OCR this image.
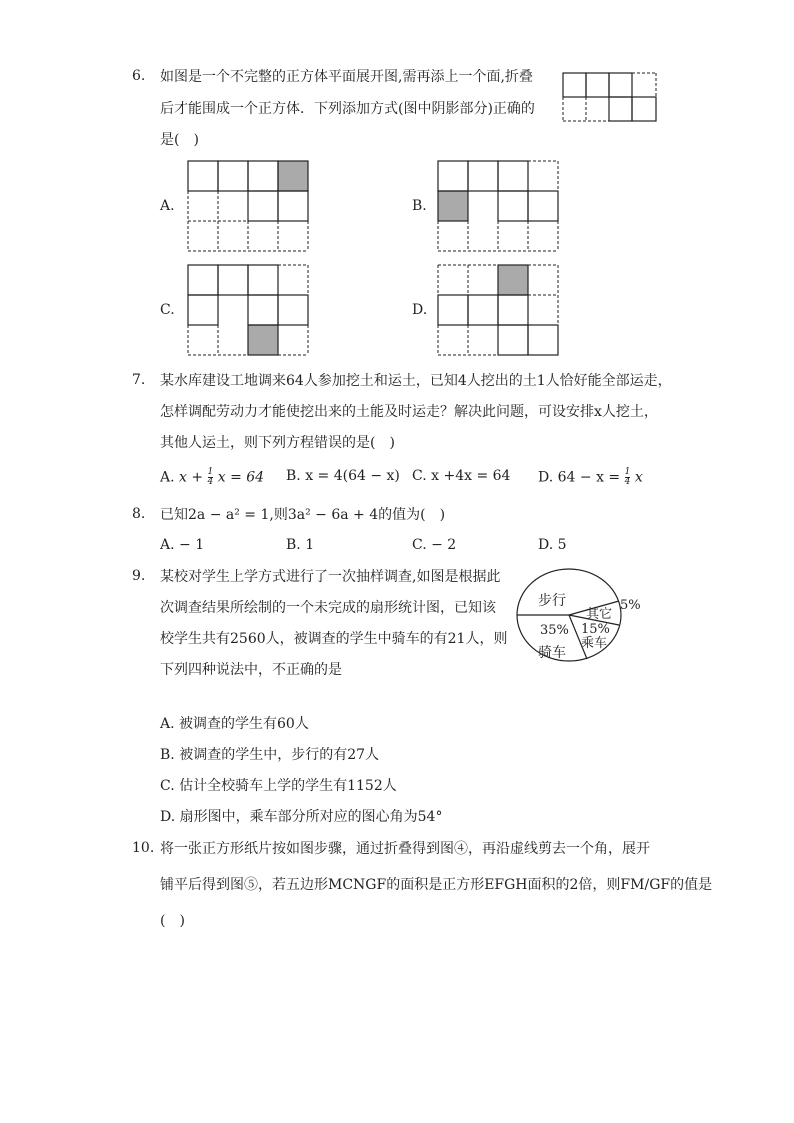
6. 如图是一个不完整的正方体平面展开图,需再添上一个面,折叠
后才能围成一个正方体．下列添加方式(图中阴影部分)正确的
是(　)
A.	B.
C.	D.
7. 某水库建设工地调来64人参加挖土和运土，已知4人挖出的土1人恰好能全部运走，
怎样调配劳动力才能使挖出来的土能及时运走？解决此问题，可设安排x人挖土，
其他人运土，则下列方程错误的是(　)
A. $x + \frac{1}{4}$ x = 64 B. x = 4(64 − x) C. x +4x = 64 D. $64 - x = \frac{1}{4}$ x
8. 已知2a − a² = 1,则3a² − 6a + 4的值为(　)
A. − 1	B. 1	C. − 2	D. 5
9. 某校对学生上学方式进行了一次抽样调查,如图是根据此
次调查结果所绘制的一个未完成的扇形统计图，已知该
校学生共有2560人，被调查的学生中骑车的有21人，则
下列四种说法中，不正确的是
步行
其它
5%
15%
乘车
35%
骑车
A. 被调查的学生有60人
B. 被调查的学生中，步行的有27人
C. 估计全校骑车上学的学生有1152人
D. 扇形图中，乘车部分所对应的图心角为54°
10. 将一张正方形纸片按如图步骤，通过折叠得到图④，再沿虚线剪去一个角，展开
铺平后得到图⑤，若五边形MCNGF的面积是正方形EFGH面积的2倍，则FM/GF的值是
(　)
